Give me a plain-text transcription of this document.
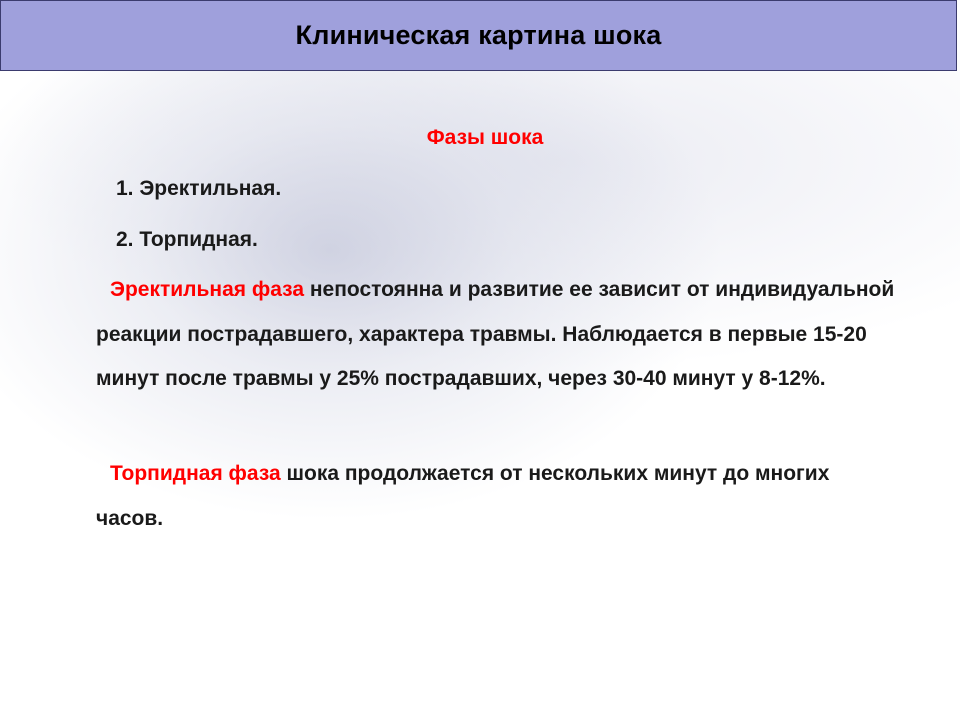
Клиническая картина шока
Фазы шока
1. Эректильная.
2. Торпидная.

Эректильная фаза непостоянна и развитие ее зависит от индивидуальной реакции пострадавшего, характера травмы. Наблюдается в первые 15-20 минут после травмы у 25% пострадавших, через 30-40 минут у 8-12%.

Торпидная фаза шока продолжается от нескольких минут до многих часов.
